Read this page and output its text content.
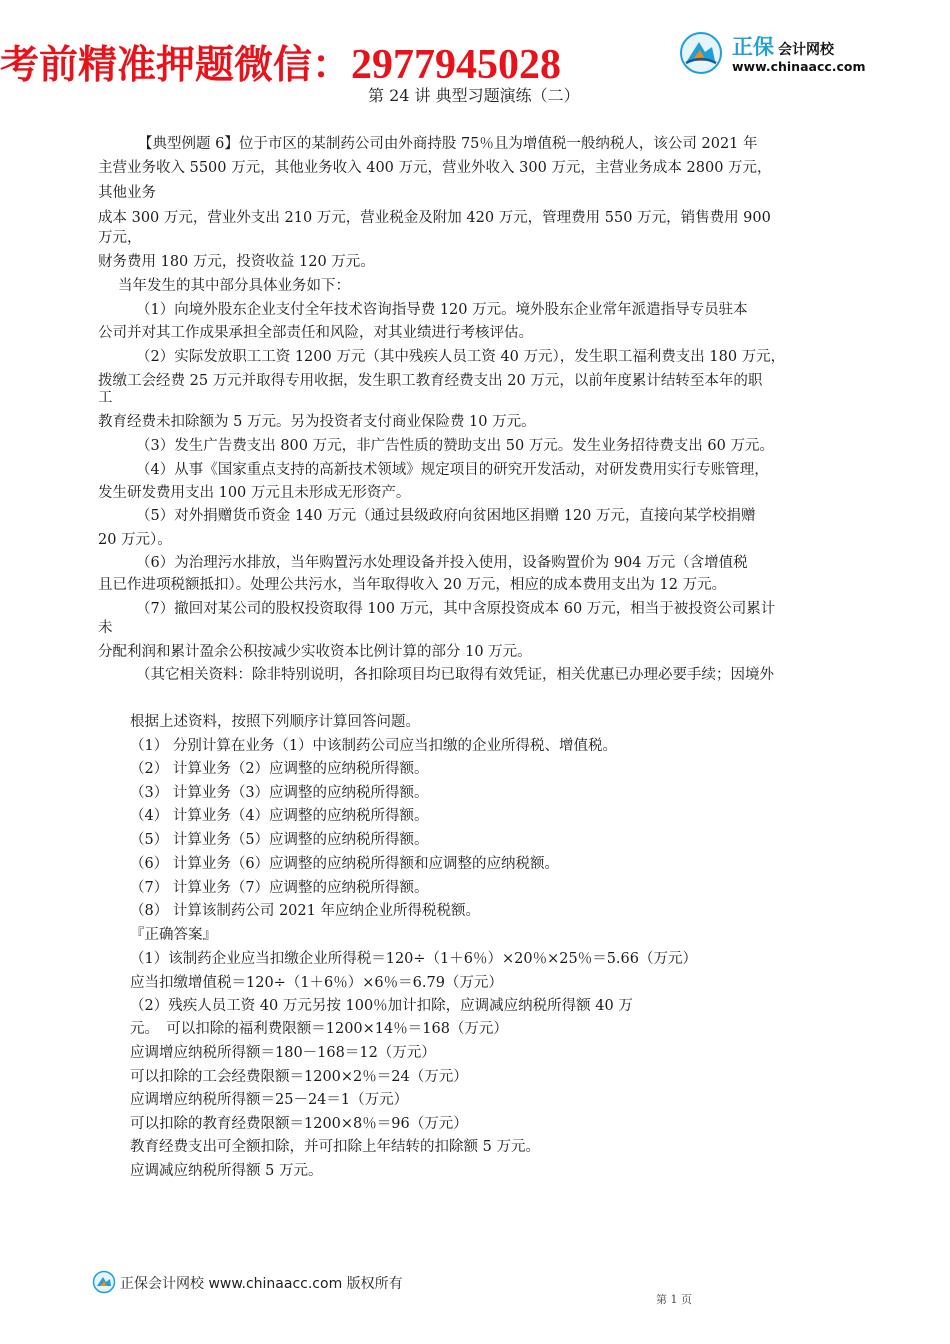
考前精准押题微信：2977945028	正保 会计网校
www.chinaacc.com
第 24 讲 典型习题演练（二）
【典型例题 6】位于市区的某制药公司由外商持股 75％且为增值税一般纳税人，该公司 2021 年
主营业务收入 5500 万元，其他业务收入 400 万元，营业外收入 300 万元，主营业务成本 2800 万元，
其他业务
成本 300 万元，营业外支出 210 万元，营业税金及附加 420 万元，管理费用 550 万元，销售费用 900
万元，
财务费用 180 万元，投资收益 120 万元。
当年发生的其中部分具体业务如下：
（1）向境外股东企业支付全年技术咨询指导费 120 万元。境外股东企业常年派遣指导专员驻本
公司并对其工作成果承担全部责任和风险，对其业绩进行考核评估。
（2）实际发放职工工资 1200 万元（其中残疾人员工资 40 万元），发生职工福利费支出 180 万元，
拨缴工会经费 25 万元并取得专用收据，发生职工教育经费支出 20 万元，以前年度累计结转至本年的职
工
教育经费未扣除额为 5 万元。另为投资者支付商业保险费 10 万元。
（3）发生广告费支出 800 万元，非广告性质的赞助支出 50 万元。发生业务招待费支出 60 万元。
（4）从事《国家重点支持的高新技术领域》规定项目的研究开发活动，对研发费用实行专账管理，
发生研发费用支出 100 万元且未形成无形资产。
（5）对外捐赠货币资金 140 万元（通过县级政府向贫困地区捐赠 120 万元，直接向某学校捐赠
20 万元）。
（6）为治理污水排放，当年购置污水处理设备并投入使用，设备购置价为 904 万元（含增值税
且已作进项税额抵扣）。处理公共污水，当年取得收入 20 万元，相应的成本费用支出为 12 万元。
（7）撤回对某公司的股权投资取得 100 万元，其中含原投资成本 60 万元，相当于被投资公司累计
未
分配利润和累计盈余公积按减少实收资本比例计算的部分 10 万元。
（其它相关资料：除非特别说明，各扣除项目均已取得有效凭证，相关优惠已办理必要手续；因境外
根据上述资料，按照下列顺序计算回答问题。
（1） 分别计算在业务（1）中该制药公司应当扣缴的企业所得税、增值税。
（2） 计算业务（2）应调整的应纳税所得额。
（3） 计算业务（3）应调整的应纳税所得额。
（4） 计算业务（4）应调整的应纳税所得额。
（5） 计算业务（5）应调整的应纳税所得额。
（6） 计算业务（6）应调整的应纳税所得额和应调整的应纳税额。
（7） 计算业务（7）应调整的应纳税所得额。
（8） 计算该制药公司 2021 年应纳企业所得税税额。
『正确答案』
（1）该制药企业应当扣缴企业所得税＝120÷（1＋6％）×20％×25％＝5.66（万元）
应当扣缴增值税＝120÷（1＋6％）×6％＝6.79（万元）
（2）残疾人员工资 40 万元另按 100％加计扣除，应调减应纳税所得额 40 万
元。　可以扣除的福利费限额＝1200×14％＝168（万元）
应调增应纳税所得额＝180－168＝12（万元）
可以扣除的工会经费限额＝1200×2％＝24（万元）
应调增应纳税所得额＝25－24＝1（万元）
可以扣除的教育经费限额＝1200×8％＝96（万元）
教育经费支出可全额扣除，并可扣除上年结转的扣除额 5 万元。
应调减应纳税所得额 5 万元。
正保会计网校 www.chinaacc.com 版权所有
第 1 页
